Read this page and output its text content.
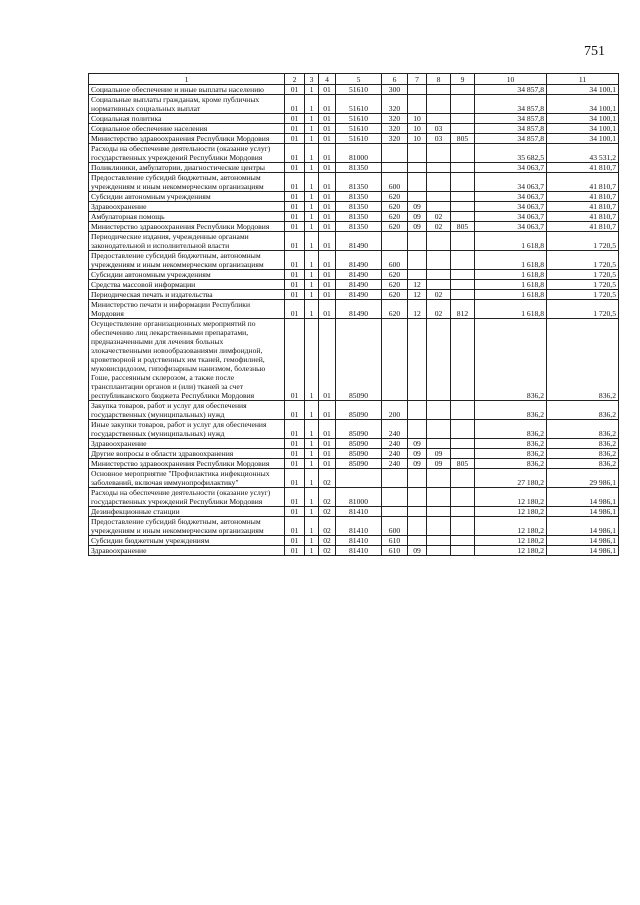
751
1	2	3	4	5	6	7	8	9	10	11
Социальное обеспечение и иные выплаты населению	01	1	01	51610	300				34 857,8	34 100,1
Социальные выплаты гражданам, кроме публичных нормативных социальных выплат	01	1	01	51610	320				34 857,8	34 100,1
Социальная политика	01	1	01	51610	320	10			34 857,8	34 100,1
Социальное обеспечение населения	01	1	01	51610	320	10	03		34 857,8	34 100,1
Министерство здравоохранения Республики Мордовия	01	1	01	51610	320	10	03	805	34 857,8	34 100,1
Расходы на обеспечение деятельности (оказание услуг) государственных учреждений Республики Мордовия	01	1	01	81000					35 682,5	43 531,2
Поликлиники, амбулатории, диагностические центры	01	1	01	81350					34 063,7	41 810,7
Предоставление субсидий бюджетным, автономным учреждениям и иным некоммерческим организациям	01	1	01	81350	600				34 063,7	41 810,7
Субсидии автономным учреждениям	01	1	01	81350	620				34 063,7	41 810,7
Здравоохранение	01	1	01	81350	620	09			34 063,7	41 810,7
Амбулаторная помощь	01	1	01	81350	620	09	02		34 063,7	41 810,7
Министерство здравоохранения Республики Мордовия	01	1	01	81350	620	09	02	805	34 063,7	41 810,7
Периодические издания, учрежденные органами законодательной и исполнительной власти	01	1	01	81490					1 618,8	1 720,5
Предоставление субсидий бюджетным, автономным учреждениям и иным некоммерческим организациям	01	1	01	81490	600				1 618,8	1 720,5
Субсидии автономным учреждениям	01	1	01	81490	620				1 618,8	1 720,5
Средства массовой информации	01	1	01	81490	620	12			1 618,8	1 720,5
Периодическая печать и издательства	01	1	01	81490	620	12	02		1 618,8	1 720,5
Министерство печати и информации Республики Мордовия	01	1	01	81490	620	12	02	812	1 618,8	1 720,5
Осуществление организационных мероприятий по обеспечению лиц лекарственными препаратами, предназначенными для лечения больных злокачественными новообразованиями лимфоидной, кроветворной и родственных им тканей, гемофилией, муковисцидозом, гипофизарным нанизмом, болезнью Гоше, рассеянным склерозом, а также после трансплантации органов и (или) тканей за счет республиканского бюджета Республики Мордовия	01	1	01	85090					836,2	836,2
Закупка товаров, работ и услуг для обеспечения государственных (муниципальных) нужд	01	1	01	85090	200				836,2	836,2
Иные закупки товаров, работ и услуг для обеспечения государственных (муниципальных) нужд	01	1	01	85090	240				836,2	836,2
Здравоохранение	01	1	01	85090	240	09			836,2	836,2
Другие вопросы в области здравоохранения	01	1	01	85090	240	09	09		836,2	836,2
Министерство здравоохранения Республики Мордовия	01	1	01	85090	240	09	09	805	836,2	836,2
Основное мероприятие "Профилактика инфекционных заболеваний, включая иммунопрофилактику"	01	1	02						27 180,2	29 986,1
Расходы на обеспечение деятельности (оказание услуг) государственных учреждений Республики Мордовия	01	1	02	81000					12 180,2	14 986,1
Дезинфекционные станции	01	1	02	81410					12 180,2	14 986,1
Предоставление субсидий бюджетным, автономным учреждениям и иным некоммерческим организациям	01	1	02	81410	600				12 180,2	14 986,1
Субсидии бюджетным учреждениям	01	1	02	81410	610				12 180,2	14 986,1
Здравоохранение	01	1	02	81410	610	09			12 180,2	14 986,1
